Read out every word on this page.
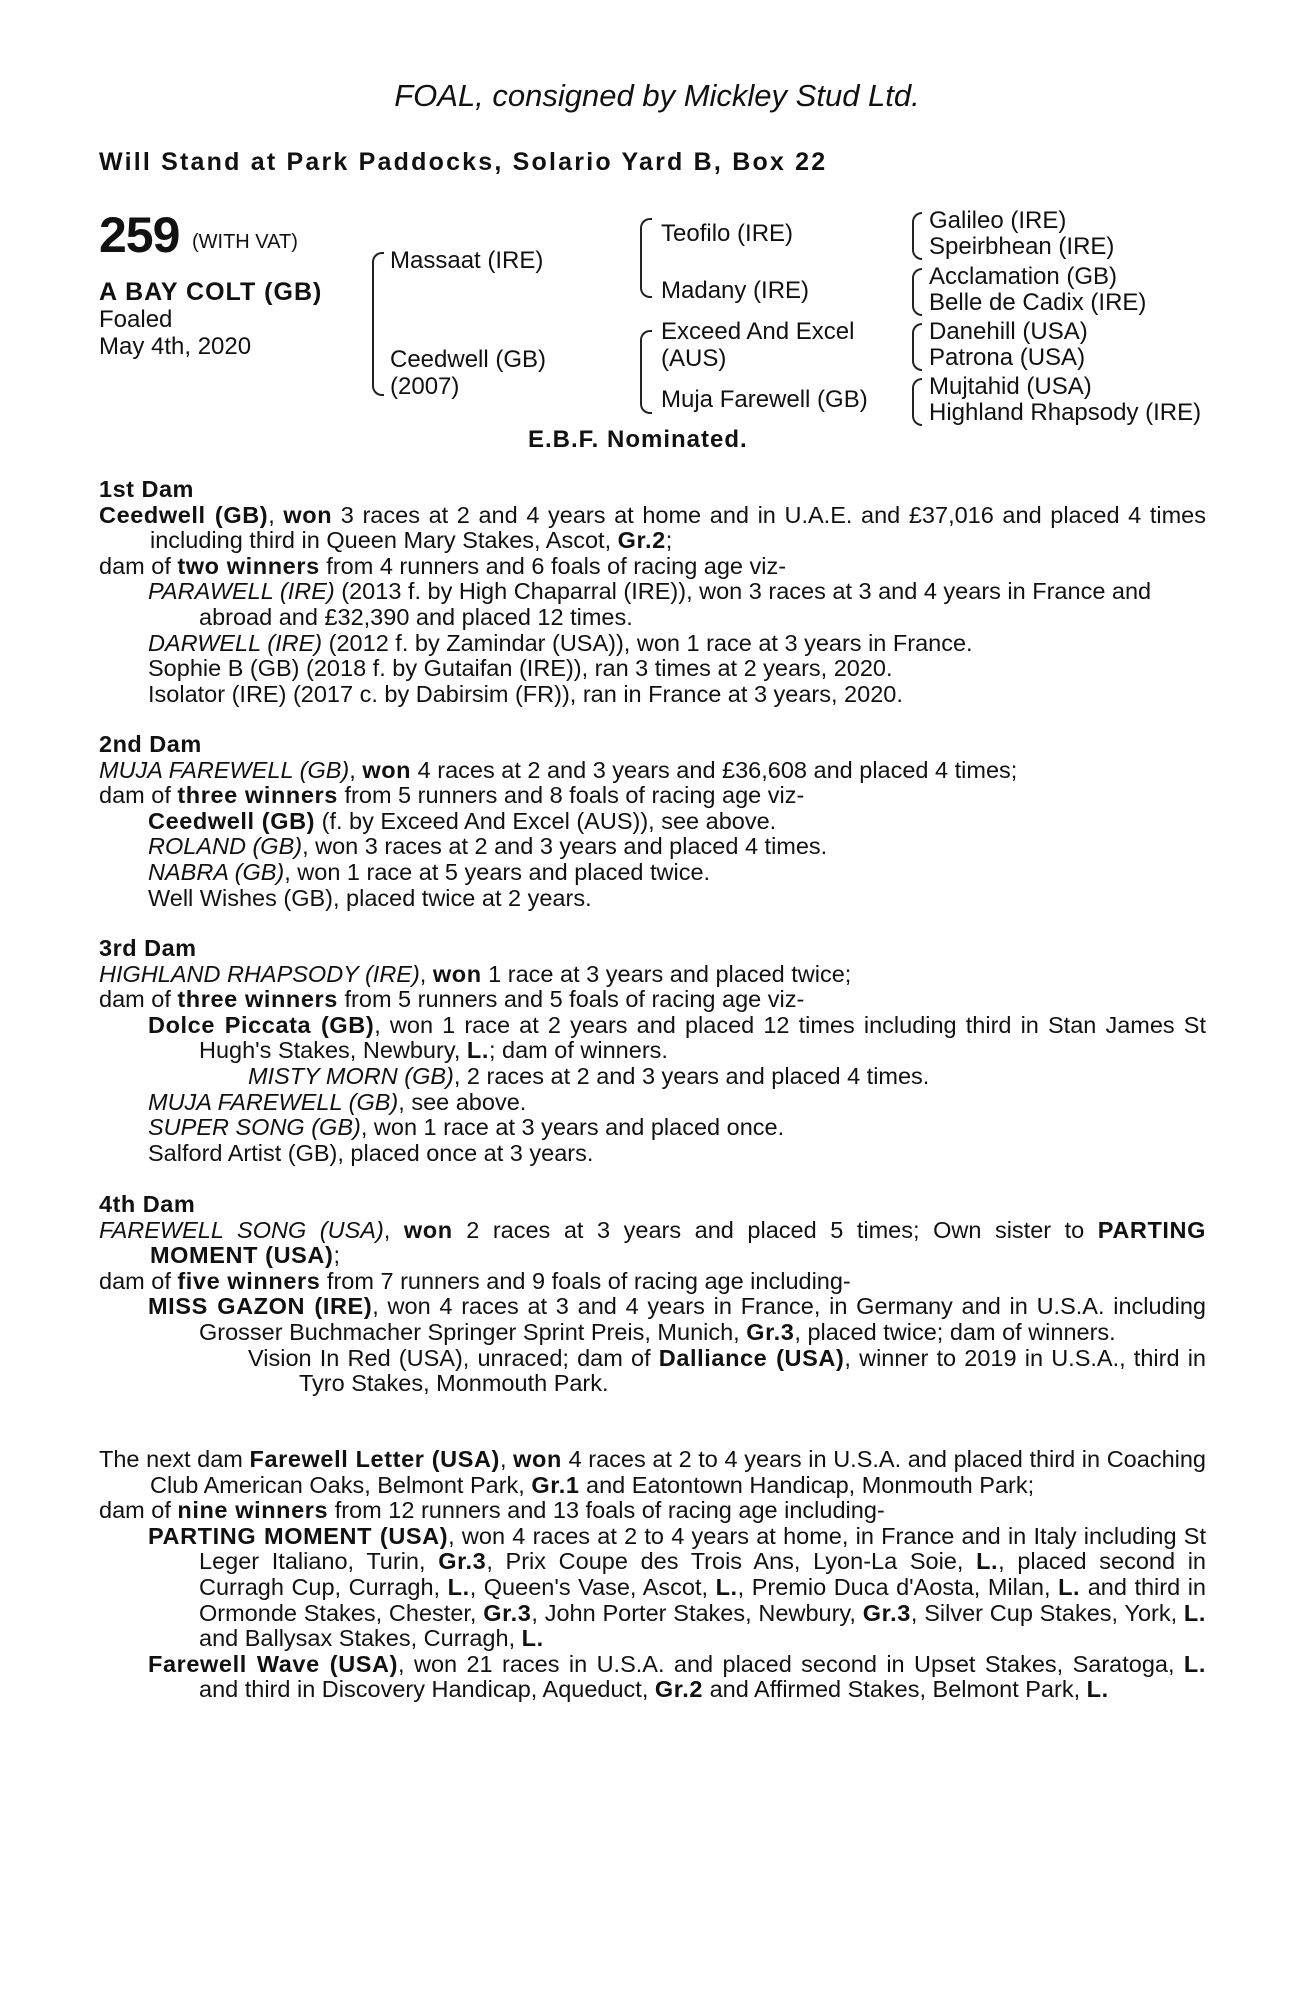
FOAL, consigned by Mickley Stud Ltd.
Will Stand at Park Paddocks, Solario Yard B, Box 22
259 (WITH VAT)
A BAY COLT (GB)
Foaled
May 4th, 2020
Massaat (IRE)
Ceedwell (GB)
(2007)
Teofilo (IRE)
Madany (IRE)
Exceed And Excel
(AUS)
Muja Farewell (GB)
Galileo (IRE)
Speirbhean (IRE)
Acclamation (GB)
Belle de Cadix (IRE)
Danehill (USA)
Patrona (USA)
Mujtahid (USA)
Highland Rhapsody (IRE)
E.B.F. Nominated.

1st Dam

Ceedwell (GB), won 3 races at 2 and 4 years at home and in U.A.E. and £37,016 and placed 4 times including third in Queen Mary Stakes, Ascot, Gr.2;

dam of two winners from 4 runners and 6 foals of racing age viz-

PARAWELL (IRE) (2013 f. by High Chaparral (IRE)), won 3 races at 3 and 4 years in France and abroad and £32,390 and placed 12 times.

DARWELL (IRE) (2012 f. by Zamindar (USA)), won 1 race at 3 years in France.

Sophie B (GB) (2018 f. by Gutaifan (IRE)), ran 3 times at 2 years, 2020.

Isolator (IRE) (2017 c. by Dabirsim (FR)), ran in France at 3 years, 2020.

2nd Dam

MUJA FAREWELL (GB), won 4 races at 2 and 3 years and £36,608 and placed 4 times;

dam of three winners from 5 runners and 8 foals of racing age viz-

Ceedwell (GB) (f. by Exceed And Excel (AUS)), see above.

ROLAND (GB), won 3 races at 2 and 3 years and placed 4 times.

NABRA (GB), won 1 race at 5 years and placed twice.

Well Wishes (GB), placed twice at 2 years.

3rd Dam

HIGHLAND RHAPSODY (IRE), won 1 race at 3 years and placed twice;

dam of three winners from 5 runners and 5 foals of racing age viz-

Dolce Piccata (GB), won 1 race at 2 years and placed 12 times including third in Stan James St Hugh's Stakes, Newbury, L.; dam of winners.

MISTY MORN (GB), 2 races at 2 and 3 years and placed 4 times.

MUJA FAREWELL (GB), see above.

SUPER SONG (GB), won 1 race at 3 years and placed once.

Salford Artist (GB), placed once at 3 years.

4th Dam

FAREWELL SONG (USA), won 2 races at 3 years and placed 5 times; Own sister to PARTING MOMENT (USA);

dam of five winners from 7 runners and 9 foals of racing age including-

MISS GAZON (IRE), won 4 races at 3 and 4 years in France, in Germany and in U.S.A. including Grosser Buchmacher Springer Sprint Preis, Munich, Gr.3, placed twice; dam of winners.

Vision In Red (USA), unraced; dam of Dalliance (USA), winner to 2019 in U.S.A., third in Tyro Stakes, Monmouth Park.

The next dam Farewell Letter (USA), won 4 races at 2 to 4 years in U.S.A. and placed third in Coaching Club American Oaks, Belmont Park, Gr.1 and Eatontown Handicap, Monmouth Park;

dam of nine winners from 12 runners and 13 foals of racing age including-

PARTING MOMENT (USA), won 4 races at 2 to 4 years at home, in France and in Italy including St Leger Italiano, Turin, Gr.3, Prix Coupe des Trois Ans, Lyon-La Soie, L., placed second in Curragh Cup, Curragh, L., Queen's Vase, Ascot, L., Premio Duca d'Aosta, Milan, L. and third in Ormonde Stakes, Chester, Gr.3, John Porter Stakes, Newbury, Gr.3, Silver Cup Stakes, York, L. and Ballysax Stakes, Curragh, L.

Farewell Wave (USA), won 21 races in U.S.A. and placed second in Upset Stakes, Saratoga, L. and third in Discovery Handicap, Aqueduct, Gr.2 and Affirmed Stakes, Belmont Park, L.
